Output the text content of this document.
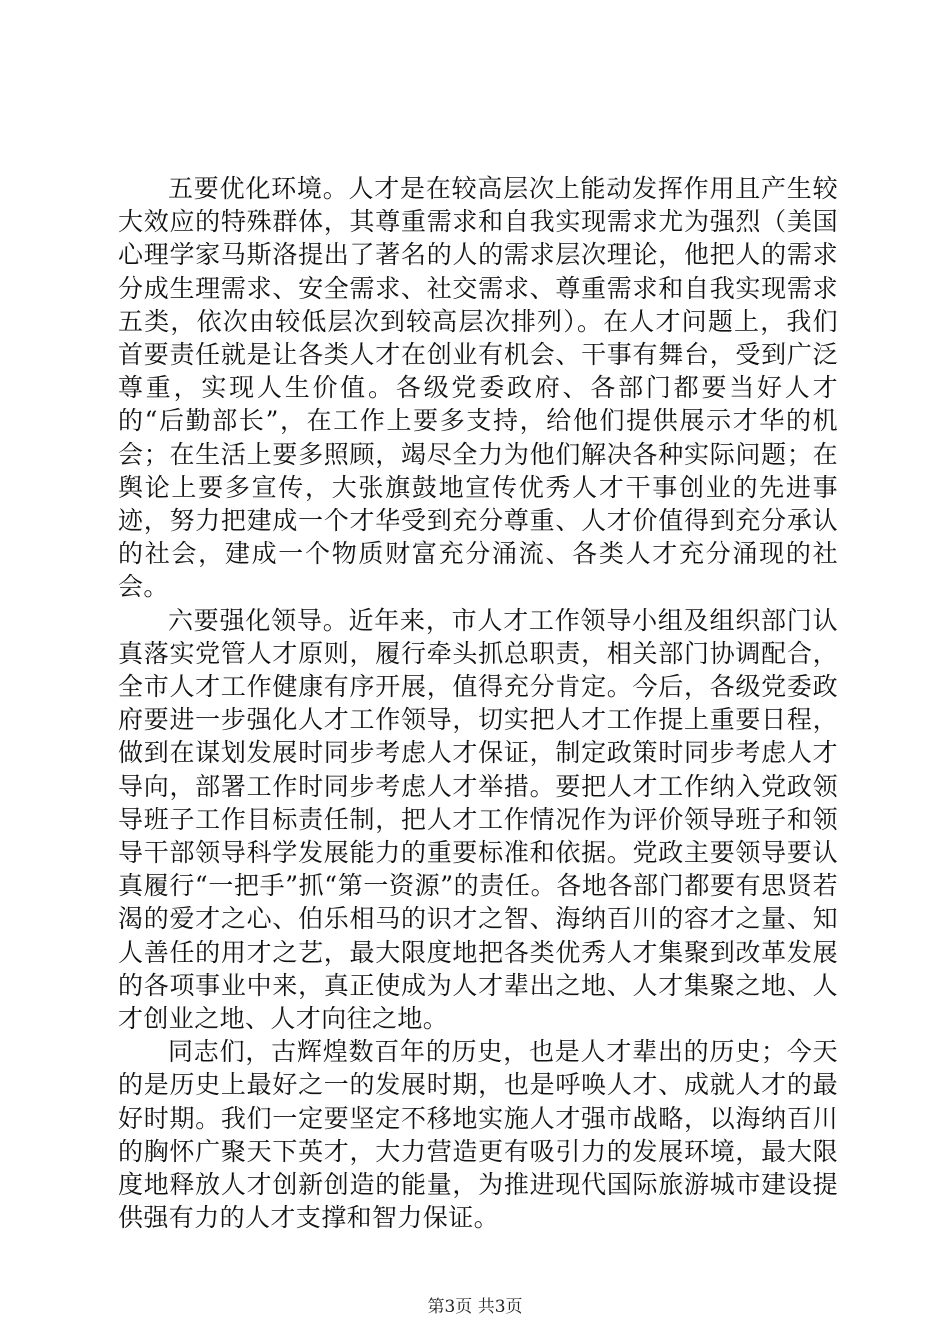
五要优化环境。人才是在较高层次上能动发挥作用且产生较大效应的特殊群体，其尊重需求和自我实现需求尤为强烈（美国心理学家马斯洛提出了著名的人的需求层次理论，他把人的需求分成生理需求、安全需求、社交需求、尊重需求和自我实现需求五类，依次由较低层次到较高层次排列）。在人才问题上，我们首要责任就是让各类人才在创业有机会、干事有舞台，受到广泛尊重，实现人生价值。各级党委政府、各部门都要当好人才的“后勤部长”，在工作上要多支持，给他们提供展示才华的机会；在生活上要多照顾，竭尽全力为他们解决各种实际问题；在舆论上要多宣传，大张旗鼓地宣传优秀人才干事创业的先进事迹，努力把建成一个才华受到充分尊重、人才价值得到充分承认的社会，建成一个物质财富充分涌流、各类人才充分涌现的社会。

六要强化领导。近年来，市人才工作领导小组及组织部门认真落实党管人才原则，履行牵头抓总职责，相关部门协调配合，全市人才工作健康有序开展，值得充分肯定。今后，各级党委政府要进一步强化人才工作领导，切实把人才工作提上重要日程，做到在谋划发展时同步考虑人才保证，制定政策时同步考虑人才导向，部署工作时同步考虑人才举措。要把人才工作纳入党政领导班子工作目标责任制，把人才工作情况作为评价领导班子和领导干部领导科学发展能力的重要标准和依据。党政主要领导要认真履行“一把手”抓“第一资源”的责任。各地各部门都要有思贤若渴的爱才之心、伯乐相马的识才之智、海纳百川的容才之量、知人善任的用才之艺，最大限度地把各类优秀人才集聚到改革发展的各项事业中来，真正使成为人才辈出之地、人才集聚之地、人才创业之地、人才向往之地。

同志们，古辉煌数百年的历史，也是人才辈出的历史；今天的是历史上最好之一的发展时期，也是呼唤人才、成就人才的最好时期。我们一定要坚定不移地实施人才强市战略，以海纳百川的胸怀广聚天下英才，大力营造更有吸引力的发展环境，最大限度地释放人才创新创造的能量，为推进现代国际旅游城市建设提供强有力的人才支撑和智力保证。

第3页 共3页
